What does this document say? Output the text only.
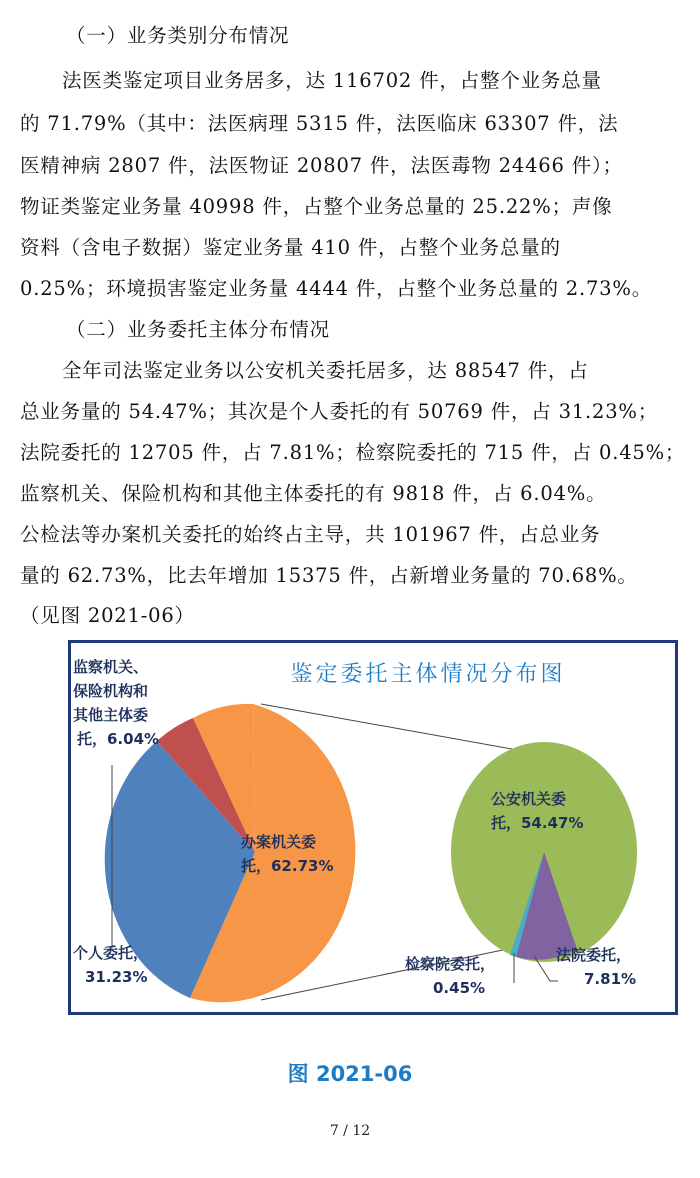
（一）业务类别分布情况
法医类鉴定项目业务居多，达 116702 件，占整个业务总量
的 71.79%（其中：法医病理 5315 件，法医临床 63307 件，法
医精神病 2807 件，法医物证 20807 件，法医毒物 24466 件）；
物证类鉴定业务量 40998 件，占整个业务总量的 25.22%；声像
资料（含电子数据）鉴定业务量 410 件，占整个业务总量的
0.25%；环境损害鉴定业务量 4444 件，占整个业务总量的 2.73%。
（二）业务委托主体分布情况
全年司法鉴定业务以公安机关委托居多，达 88547 件，占
总业务量的 54.47%；其次是个人委托的有 50769 件，占 31.23%；
法院委托的 12705 件，占 7.81%；检察院委托的 715 件，占 0.45%；
监察机关、保险机构和其他主体委托的有 9818 件，占 6.04%。
公检法等办案机关委托的始终占主导，共 101967 件，占总业务
量的 62.73%，比去年增加 15375 件，占新增业务量的 70.68%。
（见图 2021-06）
鉴定委托主体情况分布图
监察机关、
保险机构和
其他主体委
托，6.04%
个人委托，
31.23%
办案机关委
托，62.73%
公安机关委
托，54.47%
检察院委托，
0.45%
法院委托，
7.81%
图 2021-06
7 / 12
